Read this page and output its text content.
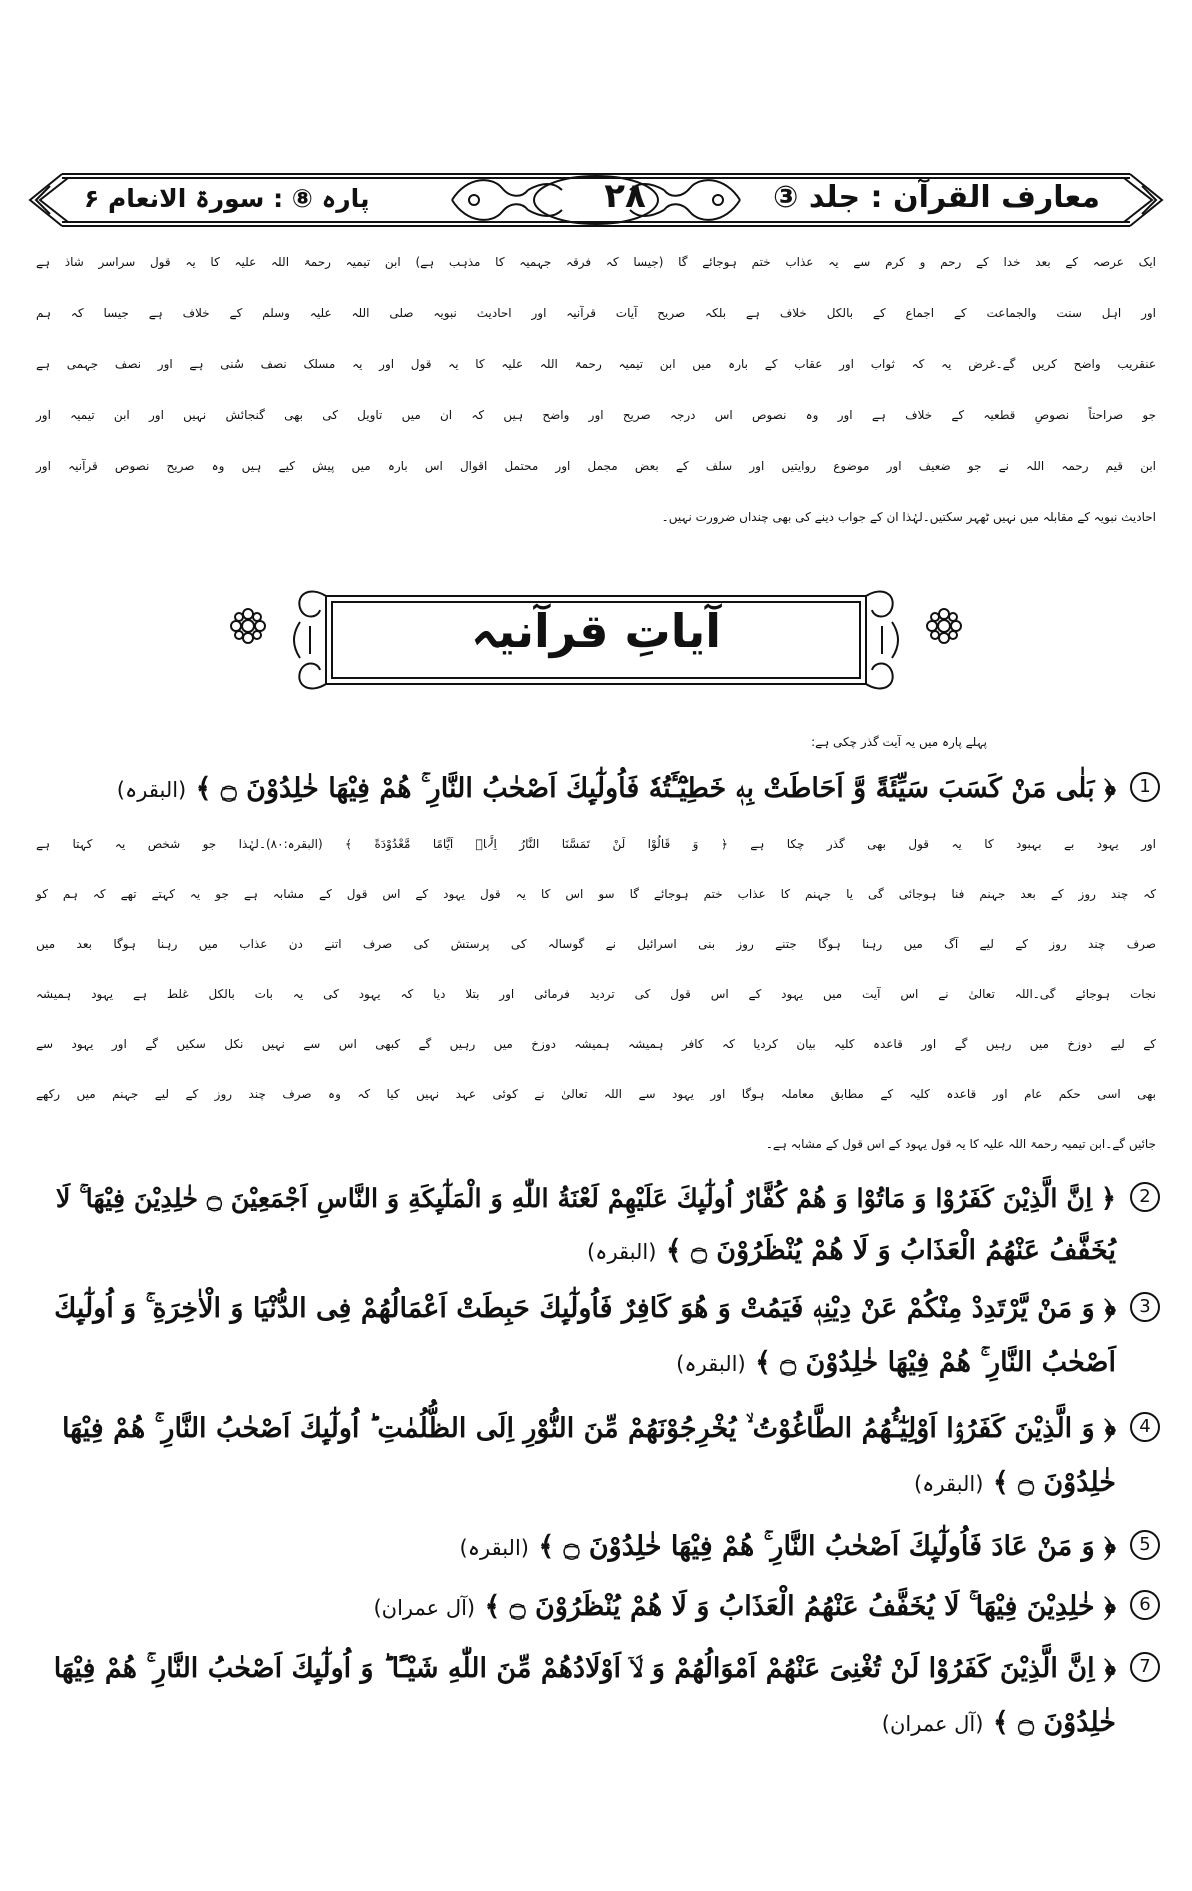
معارف القرآن : جلد ③
۲۸
پارہ ⑧ : سورۃ الانعام ۶
ایک عرصہ کے بعد خدا کے رحم و کرم سے یہ عذاب ختم ہوجائے گا (جیسا کہ فرقہ جہمیہ کا مذہب ہے) ابن تیمیہ رحمۃ اللہ علیہ کا یہ قول سراسر شاذ ہے
اور اہل سنت والجماعت کے اجماع کے بالکل خلاف ہے بلکہ صریح آیات قرآنیہ اور احادیث نبویہ صلی اللہ علیہ وسلم کے خلاف ہے جیسا کہ ہم
عنقریب واضح کریں گے۔غرض یہ کہ ثواب اور عقاب کے بارہ میں ابن تیمیہ رحمۃ اللہ علیہ کا یہ قول اور یہ مسلک نصف سُنی ہے اور نصف جہمی ہے
جو صراحتاً نصوصِ قطعیہ کے خلاف ہے اور وہ نصوص اس درجہ صریح اور واضح ہیں کہ ان میں تاویل کی بھی گنجائش نہیں اور ابن تیمیہ اور
ابن قیم رحمہ اللہ نے جو ضعیف اور موضوع روایتیں اور سلف کے بعض مجمل اور محتمل اقوال اس بارہ میں پیش کیے ہیں وہ صریح نصوص قرآنیہ اور
احادیث نبویہ کے مقابلہ میں نہیں ٹھہر سکتیں۔لہٰذا ان کے جواب دینے کی بھی چنداں ضرورت نہیں۔
آیاتِ قرآنیہ
پہلے پارہ میں یہ آیت گذر چکی ہے:
1
﴿ بَلٰی مَنْ كَسَبَ سَیِّئَةً وَّ اَحَاطَتْ بِهٖ خَطِیْٓـَٔتُهٗ فَاُولٰٓىِٕكَ اَصْحٰبُ النَّارِ ۚ هُمْ فِیْهَا خٰلِدُوْنَ ۝ ﴾ (البقرہ)
اور یہود بے بہبود کا یہ قول بھی گذر چکا ہے ﴿ وَ قَالُوْا لَنْ تَمَسَّنَا النَّارُ اِلَّاۤ اَیَّامًا مَّعْدُوْدَةً ﴾ (البقرہ:۸۰)۔لہٰذا جو شخص یہ کہتا ہے
کہ چند روز کے بعد جہنم فنا ہوجائی گی یا جہنم کا عذاب ختم ہوجائے گا سو اس کا یہ قول یہود کے اس قول کے مشابہ ہے جو یہ کہتے تھے کہ ہم کو
صرف چند روز کے لیے آگ میں رہنا ہوگا جتنے روز بنی اسرائیل نے گوسالہ کی پرستش کی صرف اتنے دن عذاب میں رہنا ہوگا بعد میں
نجات ہوجائے گی۔اللہ تعالیٰ نے اس آیت میں یہود کے اس قول کی تردید فرمائی اور بتلا دیا کہ یہود کی یہ بات بالکل غلط ہے یہود ہمیشہ
کے لیے دوزخ میں رہیں گے اور قاعدہ کلیہ بیان کردیا کہ کافر ہمیشہ ہمیشہ دوزخ میں رہیں گے کبھی اس سے نہیں نکل سکیں گے اور یہود سے
بھی اسی حکم عام اور قاعدہ کلیہ کے مطابق معاملہ ہوگا اور یہود سے اللہ تعالیٰ نے کوئی عہد نہیں کیا کہ وہ صرف چند روز کے لیے جہنم میں رکھے
جائیں گے۔ابن تیمیہ رحمۃ اللہ علیہ کا یہ قول یہود کے اس قول کے مشابہ ہے۔
2
﴿ اِنَّ الَّذِیْنَ كَفَرُوْا وَ مَاتُوْا وَ هُمْ كُفَّارٌ اُولٰٓىِٕكَ عَلَیْهِمْ لَعْنَةُ اللّٰهِ وَ الْمَلٰٓىِٕكَةِ وَ النَّاسِ اَجْمَعِیْنَ ۝ خٰلِدِیْنَ فِیْهَا ۚ لَا
یُخَفَّفُ عَنْهُمُ الْعَذَابُ وَ لَا هُمْ یُنْظَرُوْنَ ۝ ﴾ (البقرہ)
3
﴿ وَ مَنْ یَّرْتَدِدْ مِنْكُمْ عَنْ دِیْنِهٖ فَیَمُتْ وَ هُوَ كَافِرٌ فَاُولٰٓىِٕكَ حَبِطَتْ اَعْمَالُهُمْ فِی الدُّنْیَا وَ الْاٰخِرَةِ ۚ وَ اُولٰٓىِٕكَ
اَصْحٰبُ النَّارِ ۚ هُمْ فِیْهَا خٰلِدُوْنَ ۝ ﴾ (البقرہ)
4
﴿ وَ الَّذِیْنَ كَفَرُوْۤا اَوْلِیٰٓـُٔهُمُ الطَّاغُوْتُ ۙ یُخْرِجُوْنَهُمْ مِّنَ النُّوْرِ اِلَى الظُّلُمٰتِ ؕ اُولٰٓىِٕكَ اَصْحٰبُ النَّارِ ۚ هُمْ فِیْهَا
خٰلِدُوْنَ ۝ ﴾ (البقرہ)
5
﴿ وَ مَنْ عَادَ فَاُولٰٓىِٕكَ اَصْحٰبُ النَّارِ ۚ هُمْ فِیْهَا خٰلِدُوْنَ ۝ ﴾ (البقرہ)
6
﴿ خٰلِدِیْنَ فِیْهَا ۚ لَا یُخَفَّفُ عَنْهُمُ الْعَذَابُ وَ لَا هُمْ یُنْظَرُوْنَ ۝ ﴾ (آل عمران)
7
﴿ اِنَّ الَّذِیْنَ كَفَرُوْا لَنْ تُغْنِیَ عَنْهُمْ اَمْوَالُهُمْ وَ لَاۤ اَوْلَادُهُمْ مِّنَ اللّٰهِ شَیْـًٔا ؕ وَ اُولٰٓىِٕكَ اَصْحٰبُ النَّارِ ۚ هُمْ فِیْهَا
خٰلِدُوْنَ ۝ ﴾ (آل عمران)
